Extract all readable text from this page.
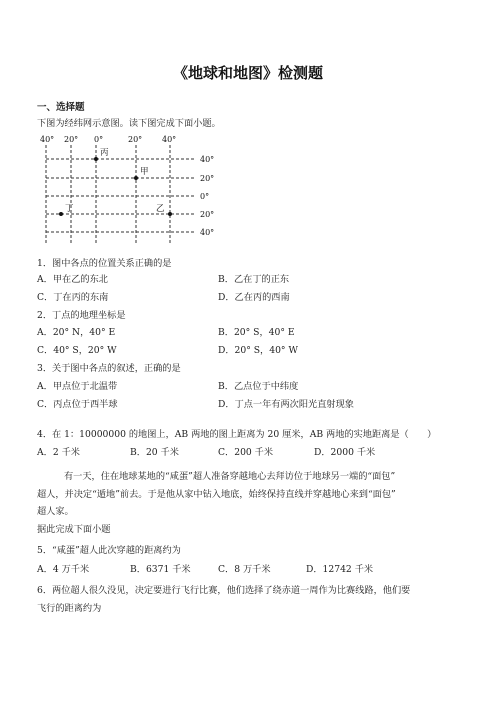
《地球和地图》检测题
一、选择题
下图为经纬网示意图。读下图完成下面小题。
40° 20° 0°	20° 40°
40°
20°
0°
20°
40°
丙
甲
丁	乙
1．图中各点的位置关系正确的是
A．甲在乙的东北	B．乙在丁的正东
C．丁在丙的东南	D．乙在丙的西南
2．丁点的地理坐标是
A．20° N，40° E	B．20° S，40° E
C．40° S，20° W	D．20° S，40° W
3．关于图中各点的叙述，正确的是
A．甲点位于北温带	B．乙点位于中纬度
C．丙点位于西半球	D．丁点一年有两次阳光直射现象
4．在 1：10000000 的地图上，AB 两地的图上距离为 20 厘米，AB 两地的实地距离是（　　）
A．2 千米	B．20 千米	C．200 千米	D．2000 千米
有一天，住在地球某地的“咸蛋”超人准备穿越地心去拜访位于地球另一端的“面包”
超人，并决定“遁地”前去。于是他从家中钻入地底，始终保持直线并穿越地心来到“面包”
超人家。
据此完成下面小题
5．“咸蛋”超人此次穿越的距离约为
A．4 万千米	B．6371 千米	C．8 万千米	D．12742 千米
6．两位超人很久没见，决定要进行飞行比赛，他们选择了绕赤道一周作为比赛线路，他们要
飞行的距离约为
